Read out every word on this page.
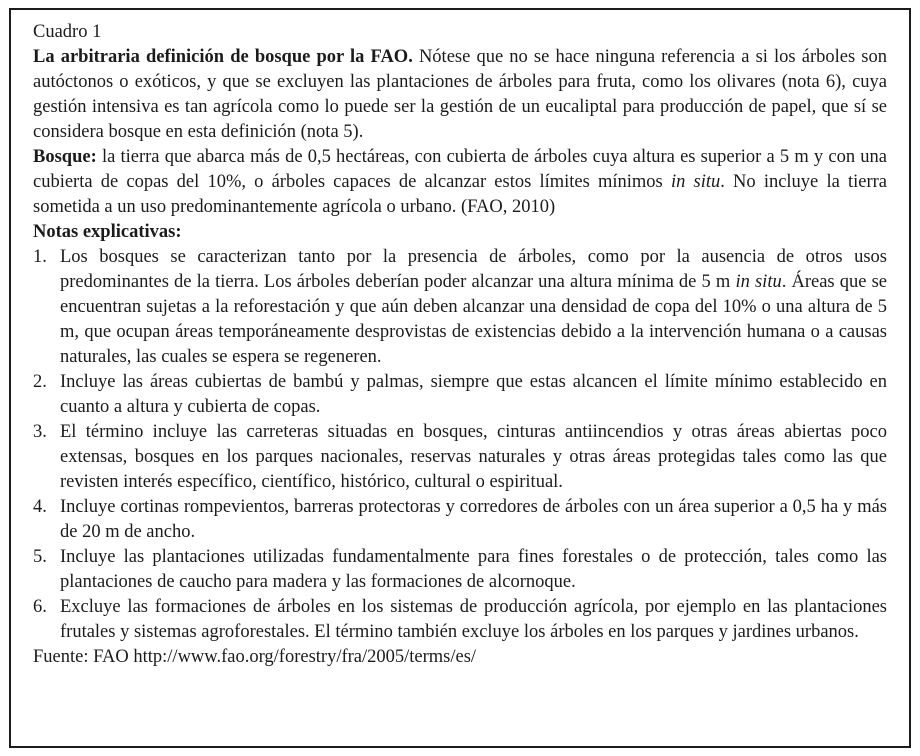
Cuadro 1

La arbitraria definición de bosque por la FAO. Nótese que no se hace ninguna referencia a si los árboles son autóctonos o exóticos, y que se excluyen las plantaciones de árboles para fruta, como los olivares (nota 6), cuya gestión intensiva es tan agrícola como lo puede ser la gestión de un eucaliptal para producción de papel, que sí se considera bosque en esta definición (nota 5).

Bosque: la tierra que abarca más de 0,5 hectáreas, con cubierta de árboles cuya altura es superior a 5 m y con una cubierta de copas del 10%, o árboles capaces de alcanzar estos límites mínimos in situ. No incluye la tierra sometida a un uso predominantemente agrícola o urbano. (FAO, 2010)

Notas explicativas:

1. Los bosques se caracterizan tanto por la presencia de árboles, como por la ausencia de otros usos predominantes de la tierra. Los árboles deberían poder alcanzar una altura mínima de 5 m in situ. Áreas que se encuentran sujetas a la reforestación y que aún deben alcanzar una densidad de copa del 10% o una altura de 5 m, que ocupan áreas temporáneamente desprovistas de existencias debido a la intervención humana o a causas naturales, las cuales se espera se regeneren.
2. Incluye las áreas cubiertas de bambú y palmas, siempre que estas alcancen el límite mínimo establecido en cuanto a altura y cubierta de copas.
3. El término incluye las carreteras situadas en bosques, cinturas antiincendios y otras áreas abiertas poco extensas, bosques en los parques nacionales, reservas naturales y otras áreas protegidas tales como las que revisten interés específico, científico, histórico, cultural o espiritual.
4. Incluye cortinas rompevientos, barreras protectoras y corredores de árboles con un área superior a 0,5 ha y más de 20 m de ancho.
5. Incluye las plantaciones utilizadas fundamentalmente para fines forestales o de protección, tales como las plantaciones de caucho para madera y las formaciones de alcornoque.
6. Excluye las formaciones de árboles en los sistemas de producción agrícola, por ejemplo en las plantaciones frutales y sistemas agroforestales. El término también excluye los árboles en los parques y jardines urbanos.

Fuente: FAO http://www.fao.org/forestry/fra/2005/terms/es/
